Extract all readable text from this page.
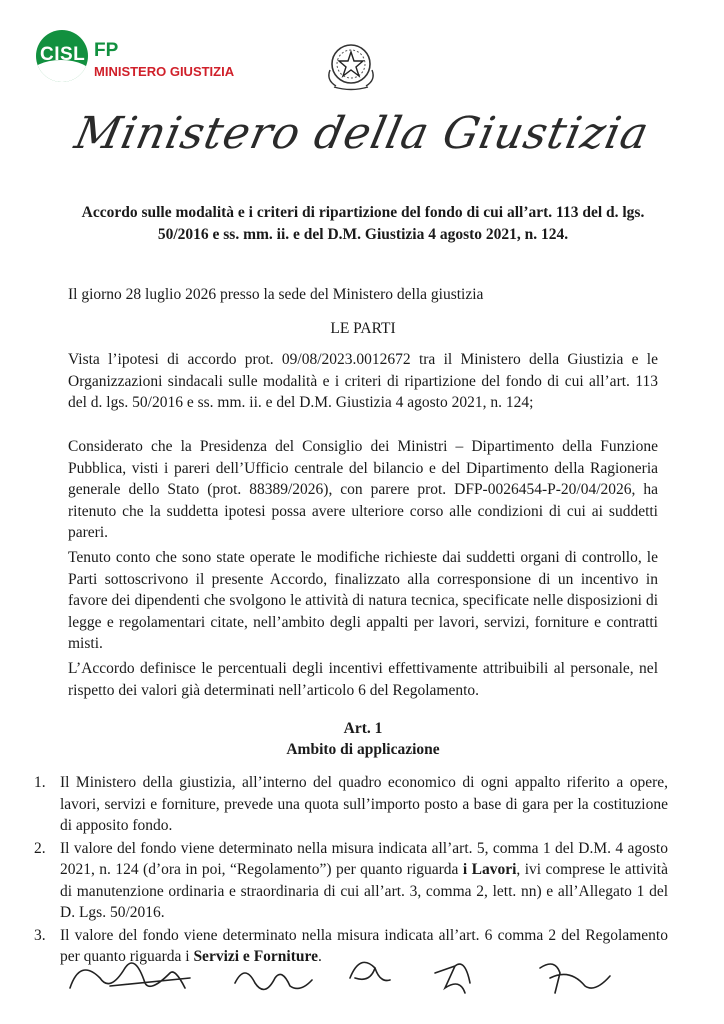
CISL FP
MINISTERO GIUSTIZIA
Ministero della Giustizia
Accordo sulle modalità e i criteri di ripartizione del fondo di cui all’art. 113 del d. lgs. 50/2016 e ss. mm. ii. e del D.M. Giustizia 4 agosto 2021, n. 124.
Il giorno 28 luglio 2026 presso la sede del Ministero della giustizia
LE PARTI
Vista l’ipotesi di accordo prot. 09/08/2023.0012672 tra il Ministero della Giustizia e le Organizzazioni sindacali sulle modalità e i criteri di ripartizione del fondo di cui all’art. 113 del d. lgs. 50/2016 e ss. mm. ii. e del D.M. Giustizia 4 agosto 2021, n. 124;
Considerato che la Presidenza del Consiglio dei Ministri – Dipartimento della Funzione Pubblica, visti i pareri dell’Ufficio centrale del bilancio e del Dipartimento della Ragioneria generale dello Stato (prot. 88389/2026), con parere prot. DFP-0026454-P-20/04/2026, ha ritenuto che la suddetta ipotesi possa avere ulteriore corso alle condizioni di cui ai suddetti pareri.
Tenuto conto che sono state operate le modifiche richieste dai suddetti organi di controllo, le Parti sottoscrivono il presente Accordo, finalizzato alla corresponsione di un incentivo in favore dei dipendenti che svolgono le attività di natura tecnica, specificate nelle disposizioni di legge e regolamentari citate, nell’ambito degli appalti per lavori, servizi, forniture e contratti misti.
L’Accordo definisce le percentuali degli incentivi effettivamente attribuibili al personale, nel rispetto dei valori già determinati nell’articolo 6 del Regolamento.
Art. 1
Ambito di applicazione
1. Il Ministero della giustizia, all’interno del quadro economico di ogni appalto riferito a opere, lavori, servizi e forniture, prevede una quota sull’importo posto a base di gara per la costituzione di apposito fondo.
2. Il valore del fondo viene determinato nella misura indicata all’art. 5, comma 1 del D.M. 4 agosto 2021, n. 124 (d’ora in poi, “Regolamento”) per quanto riguarda i Lavori, ivi comprese le attività di manutenzione ordinaria e straordinaria di cui all’art. 3, comma 2, lett. nn) e all’Allegato 1 del D. Lgs. 50/2016.
3. Il valore del fondo viene determinato nella misura indicata all’art. 6 comma 2 del Regolamento per quanto riguarda i Servizi e Forniture.
